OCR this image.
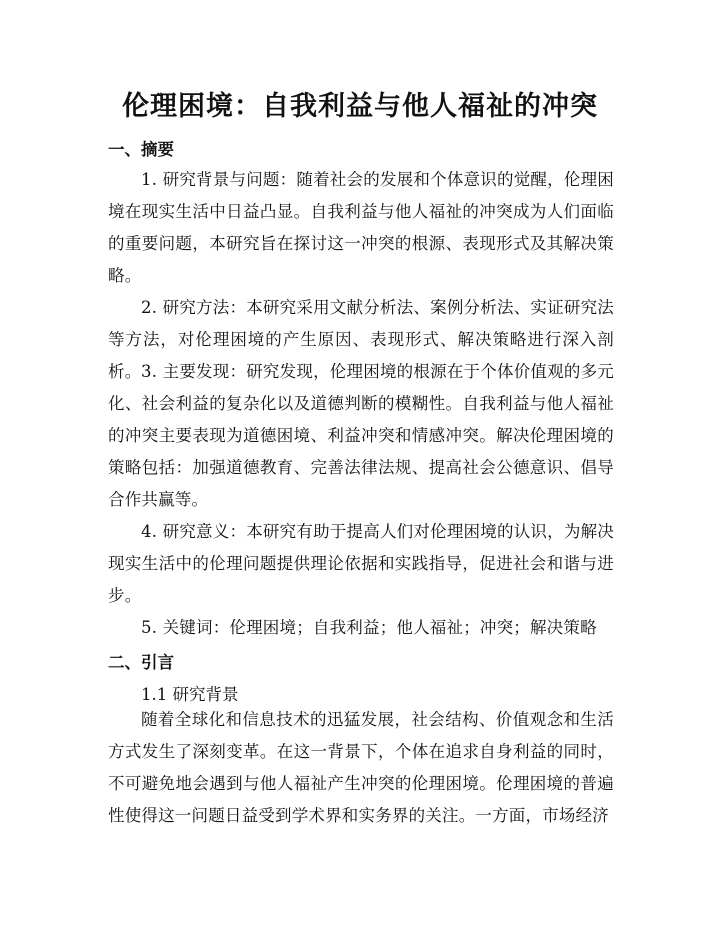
伦理困境：自我利益与他人福祉的冲突
一、摘要

1. 研究背景与问题：随着社会的发展和个体意识的觉醒，伦理困境在现实生活中日益凸显。自我利益与他人福祉的冲突成为人们面临的重要问题，本研究旨在探讨这一冲突的根源、表现形式及其解决策略。

2. 研究方法：本研究采用文献分析法、案例分析法、实证研究法等方法，对伦理困境的产生原因、表现形式、解决策略进行深入剖析。 3. 主要发现：研究发现，伦理困境的根源在于个体价值观的多元化、社会利益的复杂化以及道德判断的模糊性。自我利益与他人福祉的冲突主要表现为道德困境、利益冲突和情感冲突。解决伦理困境的策略包括：加强道德教育、完善法律法规、提高社会公德意识、倡导合作共赢等。

4. 研究意义：本研究有助于提高人们对伦理困境的认识，为解决现实生活中的伦理问题提供理论依据和实践指导，促进社会和谐与进步。

5. 关键词：伦理困境；自我利益；他人福祉；冲突；解决策略

二、引言

1.1 研究背景

随着全球化和信息技术的迅猛发展，社会结构、价值观念和生活方式发生了深刻变革。在这一背景下，个体在追求自身利益的同时，不可避免地会遇到与他人福祉产生冲突的伦理困境。伦理困境的普遍性使得这一问题日益受到学术界和实务界的关注。一方面，市场经济
